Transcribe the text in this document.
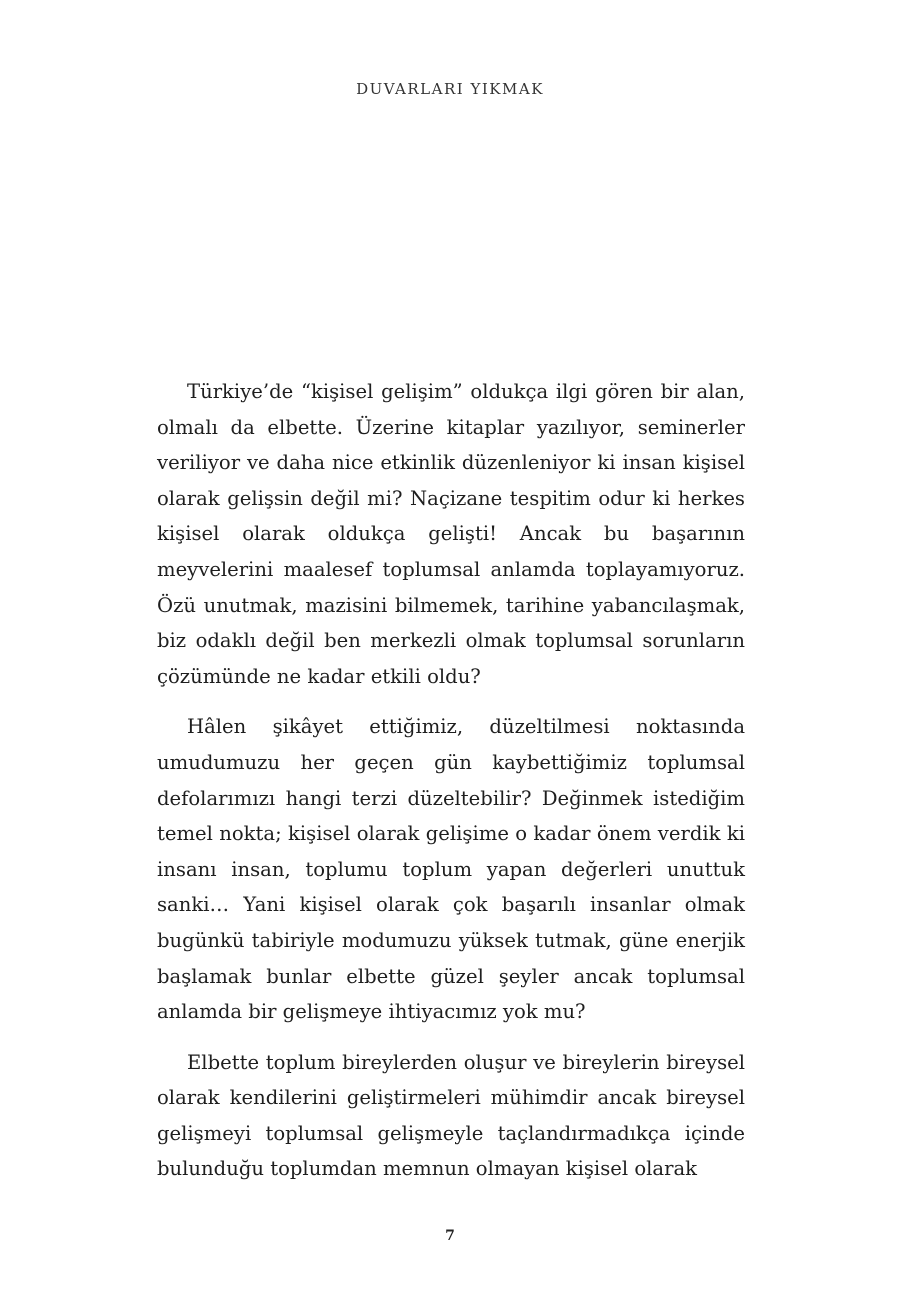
DUVARLARI YIKMAK

Türkiye’de “kişisel gelişim” oldukça ilgi gören bir alan, olmalı da elbette. Üzerine kitaplar yazılıyor, seminerler veriliyor ve daha nice etkinlik düzenleniyor ki insan kişisel olarak gelişsin değil mi? Naçizane tespitim odur ki herkes kişisel olarak oldukça gelişti! Ancak bu başarının meyvelerini maalesef toplumsal anlamda toplayamıyoruz. Özü unutmak, mazisini bilmemek, tarihine yabancılaşmak, biz odaklı değil ben merkezli olmak toplumsal sorunların çözümünde ne kadar etkili oldu?

Hâlen şikâyet ettiğimiz, düzeltilmesi noktasında umudumuzu her geçen gün kaybettiğimiz toplumsal defolarımızı hangi terzi düzeltebilir? Değinmek istediğim temel nokta; kişisel olarak gelişime o kadar önem verdik ki insanı insan, toplumu toplum yapan değerleri unuttuk sanki… Yani kişisel olarak çok başarılı insanlar olmak bugünkü tabiriyle modumuzu yüksek tutmak, güne enerjik başlamak bunlar elbette güzel şeyler ancak toplumsal anlamda bir gelişmeye ihtiyacımız yok mu?

Elbette toplum bireylerden oluşur ve bireylerin bireysel olarak kendilerini geliştirmeleri mühimdir ancak bireysel gelişmeyi toplumsal gelişmeyle taçlandırmadıkça içinde bulunduğu toplumdan memnun olmayan kişisel olarak

7
